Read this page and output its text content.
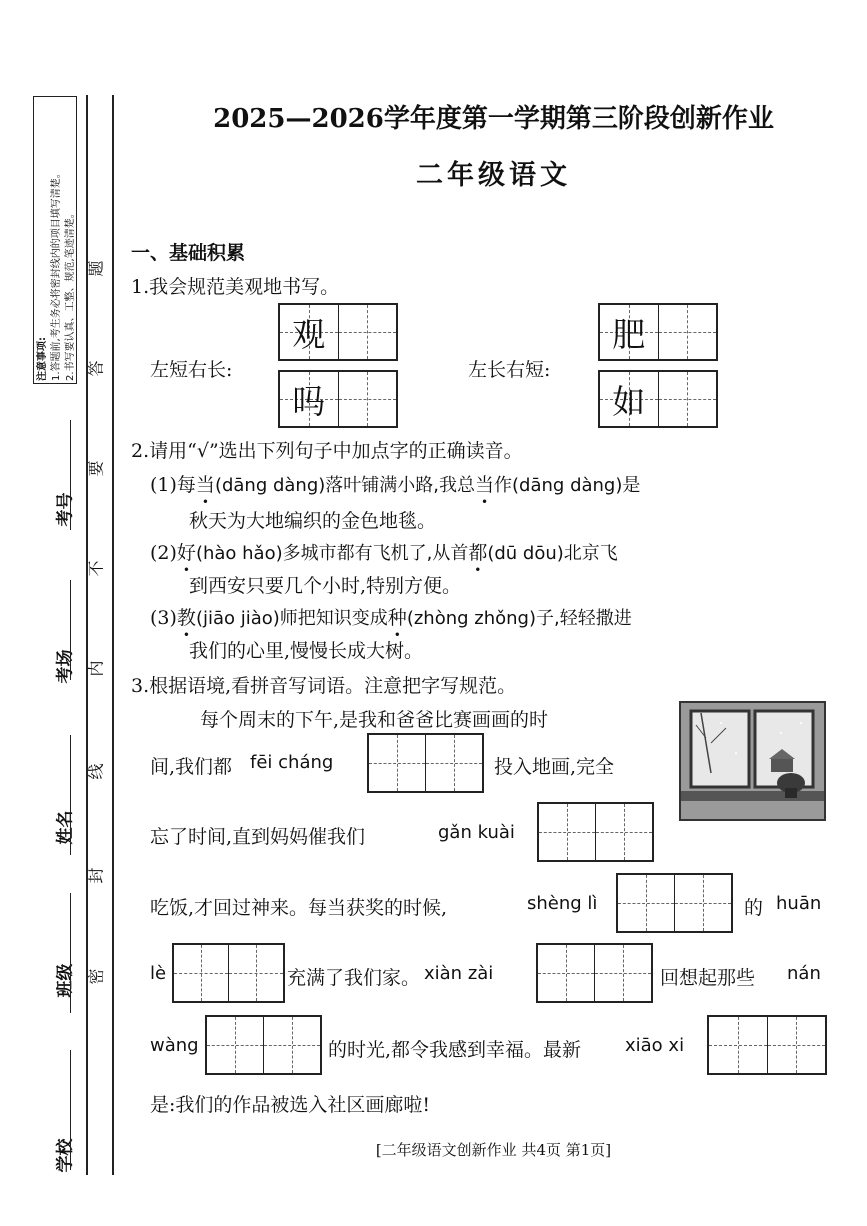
注意事项: 1.答题前,考生务必将密封线内的项目填写清楚。 2.书写要认真、工整、规范,笔迹清楚。
考号
考场
姓名
班级
学校
密
封
线
内
不
要
答
题
2025—2026学年度第一学期第三阶段创新作业
二年级语文
一、基础积累
1.我会规范美观地书写。
左短右长:
观
吗
左长右短:
肥
如
2.请用“√”选出下列句子中加点字的正确读音。
(1)每当(dāng dàng)落叶铺满小路,我总当作(dāng dàng)是
秋天为大地编织的金色地毯。
(2)好(hào hǎo)多城市都有飞机了,从首都(dū dōu)北京飞
到西安只要几个小时,特别方便。
(3)教(jiāo jiào)师把知识变成种(zhòng zhǒng)子,轻轻撒进
我们的心里,慢慢长成大树。
3.根据语境,看拼音写词语。注意把字写规范。
每个周末的下午,是我和爸爸比赛画画的时
间,我们都 fēi cháng	投入地画,完全
忘了时间,直到妈妈催我们	gǎn kuài
吃饭,才回过神来。每当获奖的时候,	shèng lì	的 huān
lè	充满了我们家。 xiàn zài	回想起那些 nán
wàng	的时光,都令我感到幸福。最新 xiāo xi
是:我们的作品被选入社区画廊啦!
[二年级语文创新作业 共4页 第1页]
